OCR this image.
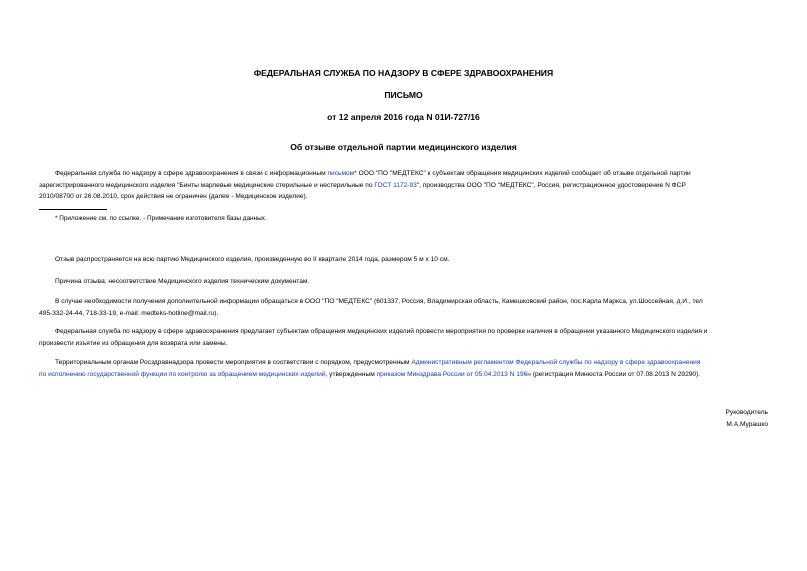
ФЕДЕРАЛЬНАЯ СЛУЖБА ПО НАДЗОРУ В СФЕРЕ ЗДРАВООХРАНЕНИЯ
ПИСЬМО
от 12 апреля 2016 года N 01И-727/16
Об отзыве отдельной партии медицинского изделия
Федеральная служба по надзору в сфере здравоохранения в связи с информационным письмом* ООО "ПО "МЕДТЕКС" к субъектам обращения медицинских изделий сообщает об отзыве отдельной партии
зарегистрированного медицинского изделия "Бинты марлевые медицинские стерильные и нестерильные по ГОСТ 1172-93", производства ООО "ПО "МЕДТЕКС", Россия, регистрационное удостоверение N ФСР
2010/08700 от 26.08.2010, срок действия не ограничен (далее - Медицинское изделие).
* Приложение см. по ссылке. - Примечание изготовителя базы данных.
Отзыв распространяется на всю партию Медицинского изделия, произведенную во II квартале 2014 года, размером 5 м х 10 см.
Причина отзыва: несоответствие Медицинского изделия техническим документам.
В случае необходимости получения дополнительной информации обращаться в ООО "ПО "МЕДТЕКС" (601337, Россия, Владимирская область, Камешковский район, пос.Карла Маркса, ул.Шоссейная, д.И., тел
495-332-24-44, 718-33-19, e-mail: medteks-hotline@mail.ru).
Федеральная служба по надзору в сфере здравоохранения предлагает субъектам обращения медицинских изделий провести мероприятия по проверке наличия в обращении указанного Медицинского изделия и
произвести изъятие из обращения для возврата или замены.
Территориальным органам Росздравнадзора провести мероприятия в соответствии с порядком, предусмотренным Административным регламентом Федеральной службы по надзору в сфере здравоохранения
по исполнению государственной функции по контролю за обращением медицинских изделий, утвержденным приказом Минздрава России от 05.04.2013 N 196н (регистрация Минюста России от 07.08.2013 N 29290).
Руководитель
М.А.Мурашко
